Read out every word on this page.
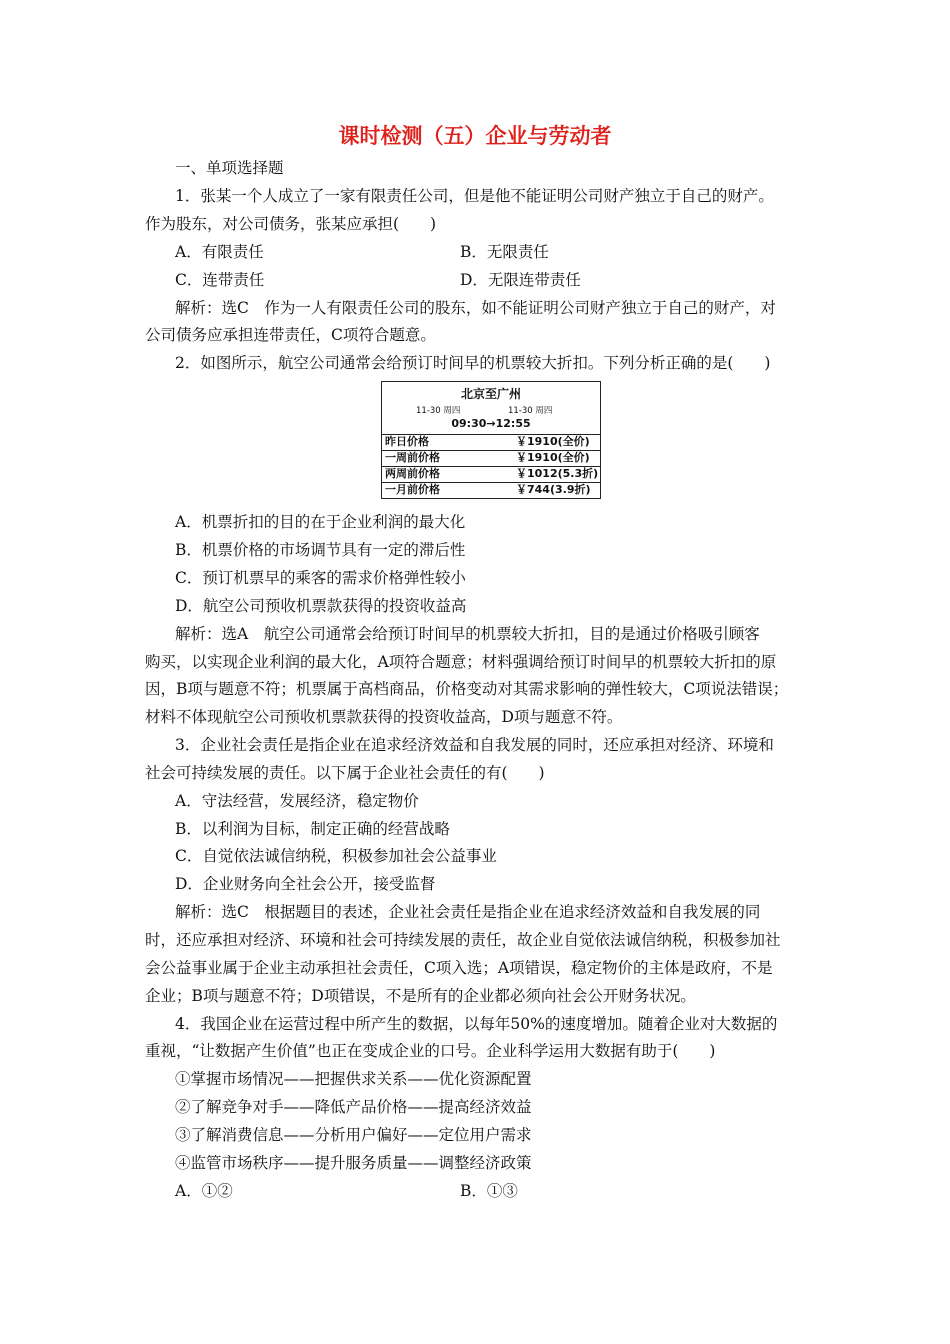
课时检测（五）企业与劳动者
一、单项选择题
1．张某一个人成立了一家有限责任公司，但是他不能证明公司财产独立于自己的财产。
作为股东，对公司债务，张某应承担(　　)
A．有限责任	B．无限责任
C．连带责任	D．无限连带责任
解析：选C　作为一人有限责任公司的股东，如不能证明公司财产独立于自己的财产，对
公司债务应承担连带责任，C项符合题意。
2．如图所示，航空公司通常会给预订时间早的机票较大折扣。下列分析正确的是(　　)
北京至广州
11-30 周四	11-30 周四
09:30→12:55
昨日价格	￥1910(全价)
一周前价格	￥1910(全价)
两周前价格	￥1012(5.3折)
一月前价格	￥744(3.9折)
A．机票折扣的目的在于企业利润的最大化
B．机票价格的市场调节具有一定的滞后性
C．预订机票早的乘客的需求价格弹性较小
D．航空公司预收机票款获得的投资收益高
解析：选A　航空公司通常会给预订时间早的机票较大折扣，目的是通过价格吸引顾客
购买，以实现企业利润的最大化，A项符合题意；材料强调给预订时间早的机票较大折扣的原
因，B项与题意不符；机票属于高档商品，价格变动对其需求影响的弹性较大，C项说法错误；
材料不体现航空公司预收机票款获得的投资收益高，D项与题意不符。
3．企业社会责任是指企业在追求经济效益和自我发展的同时，还应承担对经济、环境和
社会可持续发展的责任。以下属于企业社会责任的有(　　)
A．守法经营，发展经济，稳定物价
B．以利润为目标，制定正确的经营战略
C．自觉依法诚信纳税，积极参加社会公益事业
D．企业财务向全社会公开，接受监督
解析：选C　根据题目的表述，企业社会责任是指企业在追求经济效益和自我发展的同
时，还应承担对经济、环境和社会可持续发展的责任，故企业自觉依法诚信纳税，积极参加社
会公益事业属于企业主动承担社会责任，C项入选；A项错误，稳定物价的主体是政府，不是
企业；B项与题意不符；D项错误，不是所有的企业都必须向社会公开财务状况。
4．我国企业在运营过程中所产生的数据，以每年50%的速度增加。随着企业对大数据的
重视，“让数据产生价值”也正在变成企业的口号。企业科学运用大数据有助于(　　)
①掌握市场情况——把握供求关系——优化资源配置
②了解竞争对手——降低产品价格——提高经济效益
③了解消费信息——分析用户偏好——定位用户需求
④监管市场秩序——提升服务质量——调整经济政策
A．①②	B．①③
